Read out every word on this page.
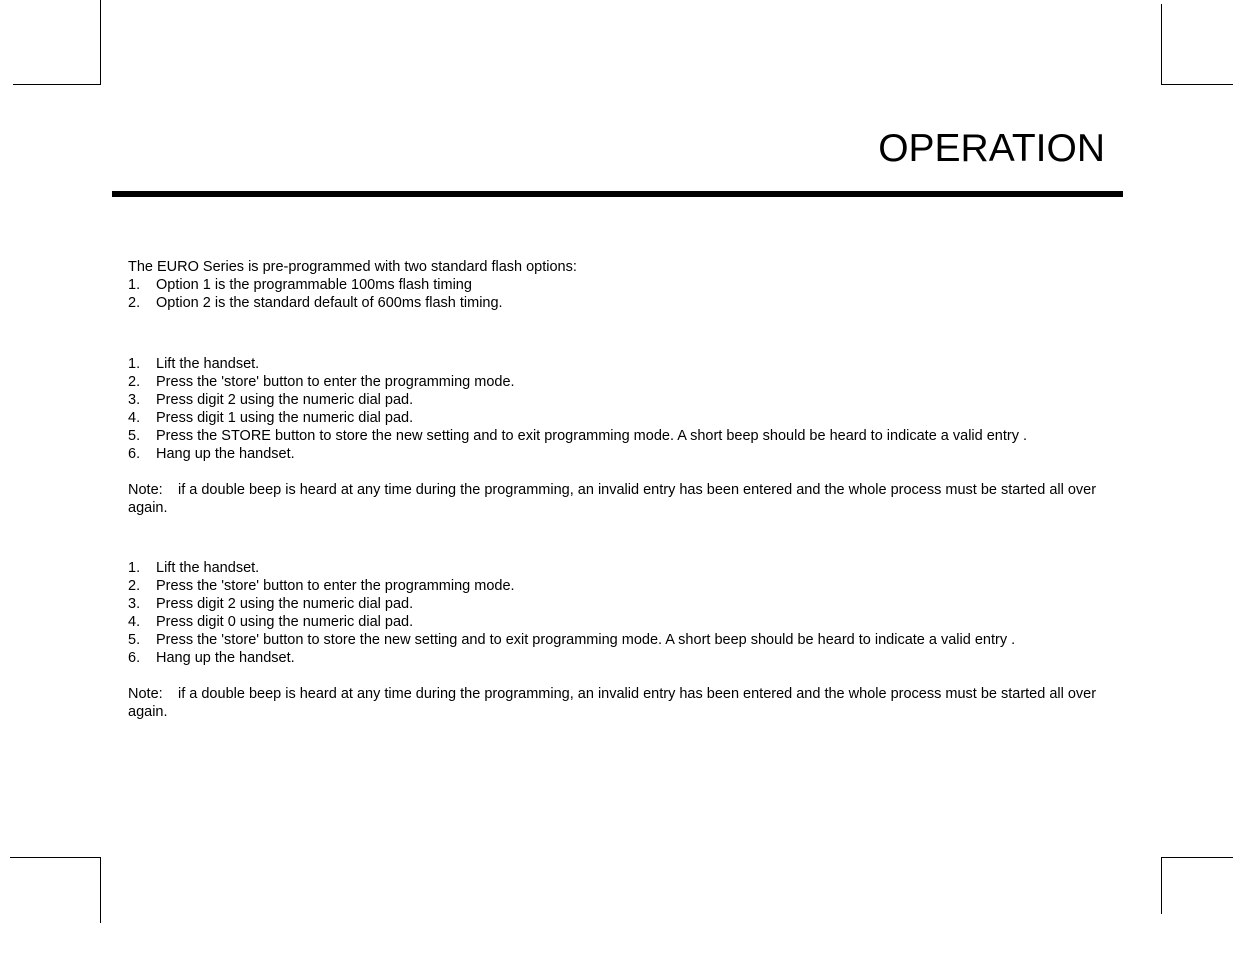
OPERATION
The EURO Series is pre-programmed with two standard flash options:
1. Option 1 is the programmable 100ms flash timing
2. Option 2 is the standard default of 600ms flash timing.
1. Lift the handset.
2. Press the 'store' button to enter the programming mode.
3. Press digit 2 using the numeric dial pad.
4. Press digit 1 using the numeric dial pad.
5. Press the STORE button to store the new setting and to exit programming mode. A short beep should be heard to indicate a valid entry .
6. Hang up the handset.
Note: if a double beep is heard at any time during the programming, an invalid entry has been entered and the whole process must be started all over again.
1. Lift the handset.
2. Press the 'store' button to enter the programming mode.
3. Press digit 2 using the numeric dial pad.
4. Press digit 0 using the numeric dial pad.
5. Press the 'store' button to store the new setting and to exit programming mode. A short beep should be heard to indicate a valid entry .
6. Hang up the handset.
Note: if a double beep is heard at any time during the programming, an invalid entry has been entered and the whole process must be started all over again.
